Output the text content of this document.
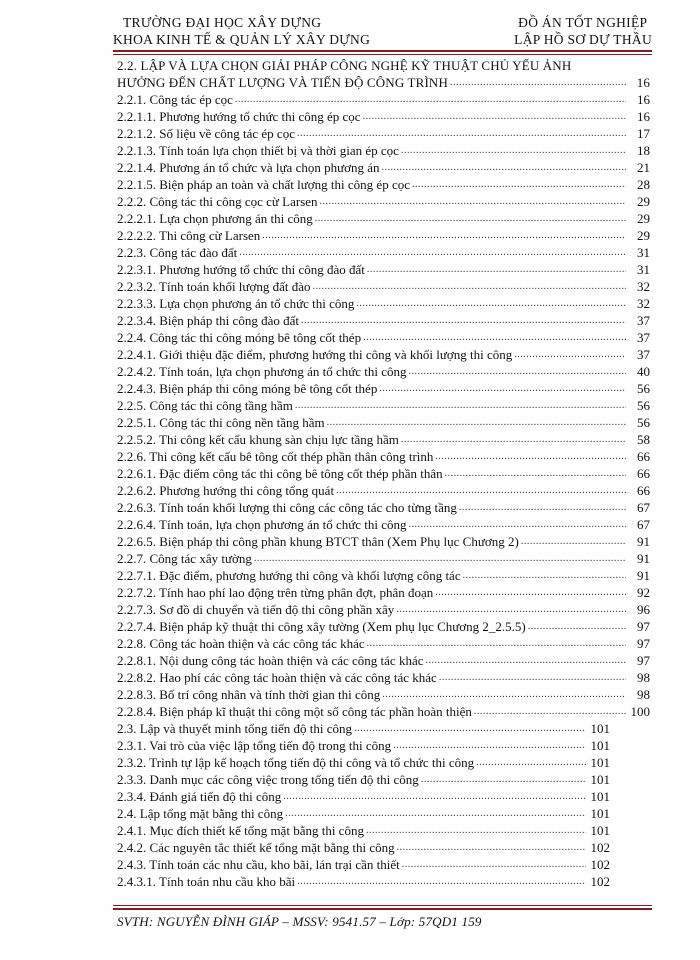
TRƯỜNG ĐẠI HỌC XÂY DỰNG
KHOA KINH TẾ & QUẢN LÝ XÂY DỰNG
ĐỒ ÁN TỐT NGHIỆP
LẬP HỒ SƠ DỰ THẦU
2.2. LẬP VÀ LỰA CHỌN GIẢI PHÁP CÔNG NGHỆ KỸ THUẬT CHỦ YẾU ẢNH
HƯỞNG ĐẾN CHẤT LƯỢNG VÀ TIẾN ĐỘ CÔNG TRÌNH .....	16
2.2.1. Công tác ép cọc .....	16
2.2.1.1. Phương hướng tổ chức thi công ép cọc .....	16
2.2.1.2. Số liệu về công tác ép cọc .....	17
2.2.1.3. Tính toán lựa chọn thiết bị và thời gian ép cọc .....	18
2.2.1.4. Phương án tổ chức và lựa chọn phương án .....	21
2.2.1.5. Biện pháp an toàn và chất lượng thi công ép cọc .....	28
2.2.2. Công tác thi công cọc cừ Larsen .....	29
2.2.2.1. Lựa chọn phương án thi công .....	29
2.2.2.2. Thi công cừ Larsen .....	29
2.2.3. Công tác đào đất .....	31
2.2.3.1. Phương hướng tổ chức thi công đào đất .....	31
2.2.3.2. Tính toán khối lượng đất đào .....	32
2.2.3.3. Lựa chọn phương án tổ chức thi công .....	32
2.2.3.4. Biện pháp thi công đào đất .....	37
2.2.4. Công tác thi công móng bê tông cốt thép .....	37
2.2.4.1. Giới thiệu đặc điểm, phương hướng thi công và khối lượng thi công .....	37
2.2.4.2. Tính toán, lựa chọn phương án tổ chức thi công .....	40
2.2.4.3. Biện pháp thi công móng bê tông cốt thép .....	56
2.2.5. Công tác thi công tầng hầm .....	56
2.2.5.1. Công tác thi công nền tầng hầm .....	56
2.2.5.2. Thi công kết cấu khung sàn chịu lực tầng hầm .....	58
2.2.6. Thi công kết cấu bê tông cốt thép phần thân công trình .....	66
2.2.6.1. Đặc điểm công tác thi công bê tông cốt thép phần thân .....	66
2.2.6.2. Phương hướng thi công tổng quát .....	66
2.2.6.3. Tính toán khối lượng thi công các công tác cho từng tầng .....	67
2.2.6.4. Tính toán, lựa chọn phương án tổ chức thi công .....	67
2.2.6.5. Biện pháp thi công phần khung BTCT thân (Xem Phụ lục Chương 2) .....	91
2.2.7. Công tác xây tường .....	91
2.2.7.1. Đặc điểm, phương hướng thi công và khối lượng công tác .....	91
2.2.7.2. Tính hao phí lao động trên từng phân đợt, phân đoạn .....	92
2.2.7.3. Sơ đồ di chuyển và tiến độ thi công phần xây .....	96
2.2.7.4. Biện pháp kỹ thuật thi công xây tường (Xem phụ lục Chương 2_2.5.5) .....	97
2.2.8. Công tác hoàn thiện và các công tác khác .....	97
2.2.8.1. Nội dung công tác hoàn thiện và các công tác khác .....	97
2.2.8.2. Hao phí các công tác hoàn thiện và các công tác khác .....	98
2.2.8.3. Bố trí công nhân và tính thời gian thi công .....	98
2.2.8.4. Biện pháp kĩ thuật thi công một số công tác phần hoàn thiện .....	100
2.3. Lập và thuyết minh tổng tiến độ thi công .....	101
2.3.1. Vai trò của việc lập tổng tiến độ trong thi công .....	101
2.3.2. Trình tự lập kế hoạch tổng tiến độ thi công và tổ chức thi công .....	101
2.3.3. Danh mục các công việc trong tổng tiến độ thi công .....	101
2.3.4. Đánh giá tiến độ thi công .....	101
2.4. Lập tổng mặt bằng thi công .....	101
2.4.1. Mục đích thiết kế tổng mặt bằng thi công .....	101
2.4.2. Các nguyên tắc thiết kế tổng mặt bằng thi công .....	102
2.4.3. Tính toán các nhu cầu, kho bãi, lán trại cần thiết .....	102
2.4.3.1. Tính toán nhu cầu kho bãi .....	102
SVTH: NGUYỄN ĐÌNH GIÁP – MSSV: 9541.57 – Lớp: 57QD1 159
